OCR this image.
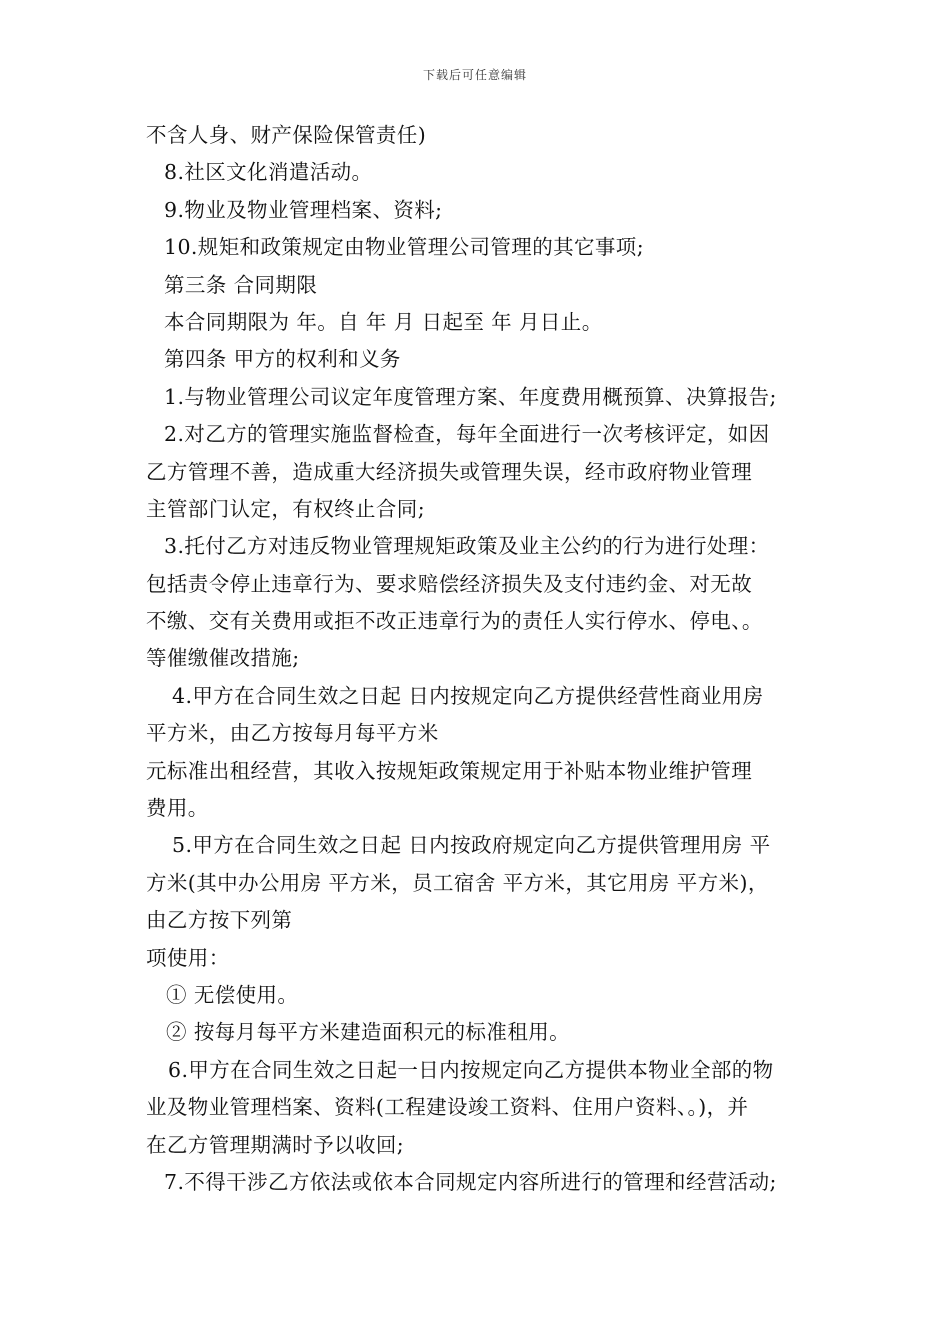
下载后可任意编辑
不含人身、财产保险保管责任)
8.社区文化消遣活动。
9.物业及物业管理档案、资料;
10.规矩和政策规定由物业管理公司管理的其它事项;
第三条 合同期限
本合同期限为 年。自 年 月 日起至 年 月日止。
第四条 甲方的权利和义务
1.与物业管理公司议定年度管理方案、年度费用概预算、决算报告;
2.对乙方的管理实施监督检查，每年全面进行一次考核评定，如因
乙方管理不善，造成重大经济损失或管理失误，经市政府物业管理
主管部门认定，有权终止合同;
3.托付乙方对违反物业管理规矩政策及业主公约的行为进行处理：
包括责令停止违章行为、要求赔偿经济损失及支付违约金、对无故
不缴、交有关费用或拒不改正违章行为的责任人实行停水、停电、。
等催缴催改措施;
4.甲方在合同生效之日起 日内按规定向乙方提供经营性商业用房
平方米，由乙方按每月每平方米
元标准出租经营，其收入按规矩政策规定用于补贴本物业维护管理
费用。
5.甲方在合同生效之日起 日内按政府规定向乙方提供管理用房 平
方米(其中办公用房 平方米，员工宿舍 平方米，其它用房 平方米)，
由乙方按下列第
项使用：
① 无偿使用。
② 按每月每平方米建造面积元的标准租用。
6.甲方在合同生效之日起一日内按规定向乙方提供本物业全部的物
业及物业管理档案、资料(工程建设竣工资料、住用户资料、。)，并
在乙方管理期满时予以收回;
7.不得干涉乙方依法或依本合同规定内容所进行的管理和经营活动;
